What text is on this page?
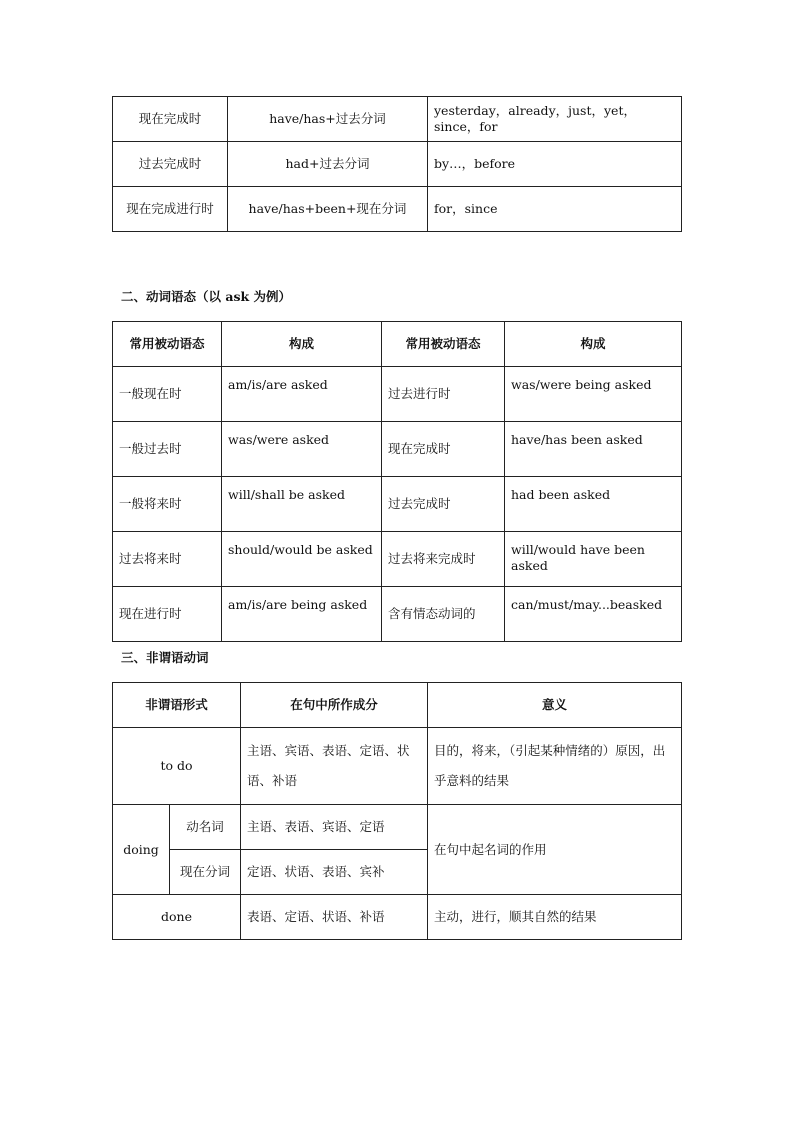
现在完成时	have/has+过去分词	yesterday，already，just，yet，since，for
过去完成时	had+过去分词	by…，before
现在完成进行时	have/has+been+现在分词	for，since
二、动词语态（以 ask 为例）
常用被动语态	构成	常用被动语态	构成
一般现在时	am/is/are asked	过去进行时	was/were being asked
一般过去时	was/were asked	现在完成时	have/has been asked
一般将来时	will/shall be asked	过去完成时	had been asked
过去将来时	should/would be asked	过去将来完成时	will/would have been asked
现在进行时	am/is/are being asked	含有情态动词的	can/must/may...beasked
三、非谓语动词
非谓语形式		在句中所作成分	意义
to do		主语、宾语、表语、定语、状语、补语	目的，将来，（引起某种情绪的）原因，出乎意料的结果
doing	动名词	主语、表语、宾语、定语	在句中起名词的作用
	现在分词	定语、状语、表语、宾补	
done		表语、定语、状语、补语	主动，进行，顺其自然的结果
